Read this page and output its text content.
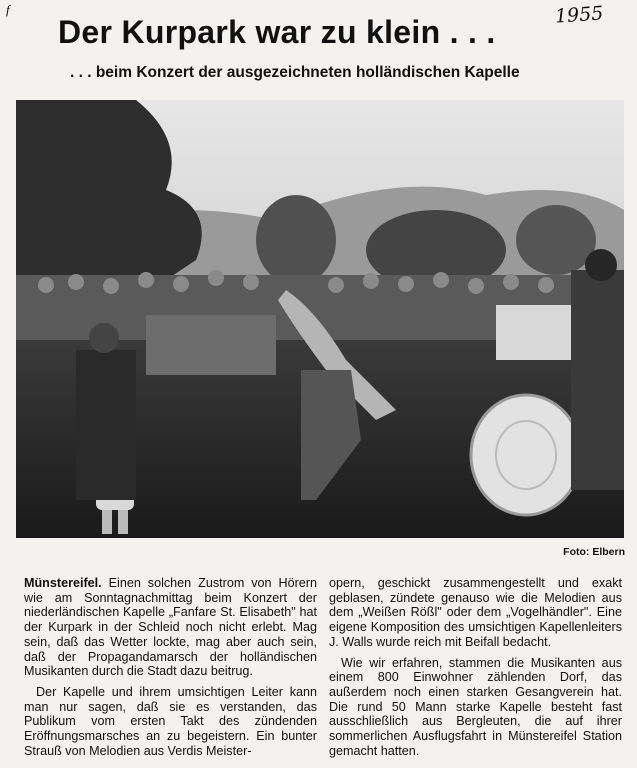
f	1955
Der Kurpark war zu klein . . .
. . . beim Konzert der ausgezeichneten holländischen Kapelle
Foto: Elbern

Münstereifel. Einen solchen Zustrom von Hörern wie am Sonntagnachmittag beim Konzert der niederländischen Kapelle „Fanfare St. Elisabeth" hat der Kurpark in der Schleid noch nicht erlebt. Mag sein, daß das Wetter lockte, mag aber auch sein, daß der Propagandamarsch der holländischen Musikanten durch die Stadt dazu beitrug.

Der Kapelle und ihrem umsichtigen Leiter kann man nur sagen, daß sie es verstanden, das Publikum vom ersten Takt des zündenden Eröffnungsmarsches an zu begeistern. Ein bunter Strauß von Melodien aus Verdis Meister-

opern, geschickt zusammengestellt und exakt geblasen, zündete genauso wie die Melodien aus dem „Weißen Rößl" oder dem „Vogelhändler". Eine eigene Komposition des umsichtigen Kapellenleiters J. Walls wurde reich mit Beifall bedacht.

Wie wir erfahren, stammen die Musikanten aus einem 800 Einwohner zählenden Dorf, das außerdem noch einen starken Gesangverein hat. Die rund 50 Mann starke Kapelle besteht fast ausschließlich aus Bergleuten, die auf ihrer sommerlichen Ausflugsfahrt in Münstereifel Station gemacht hatten.
